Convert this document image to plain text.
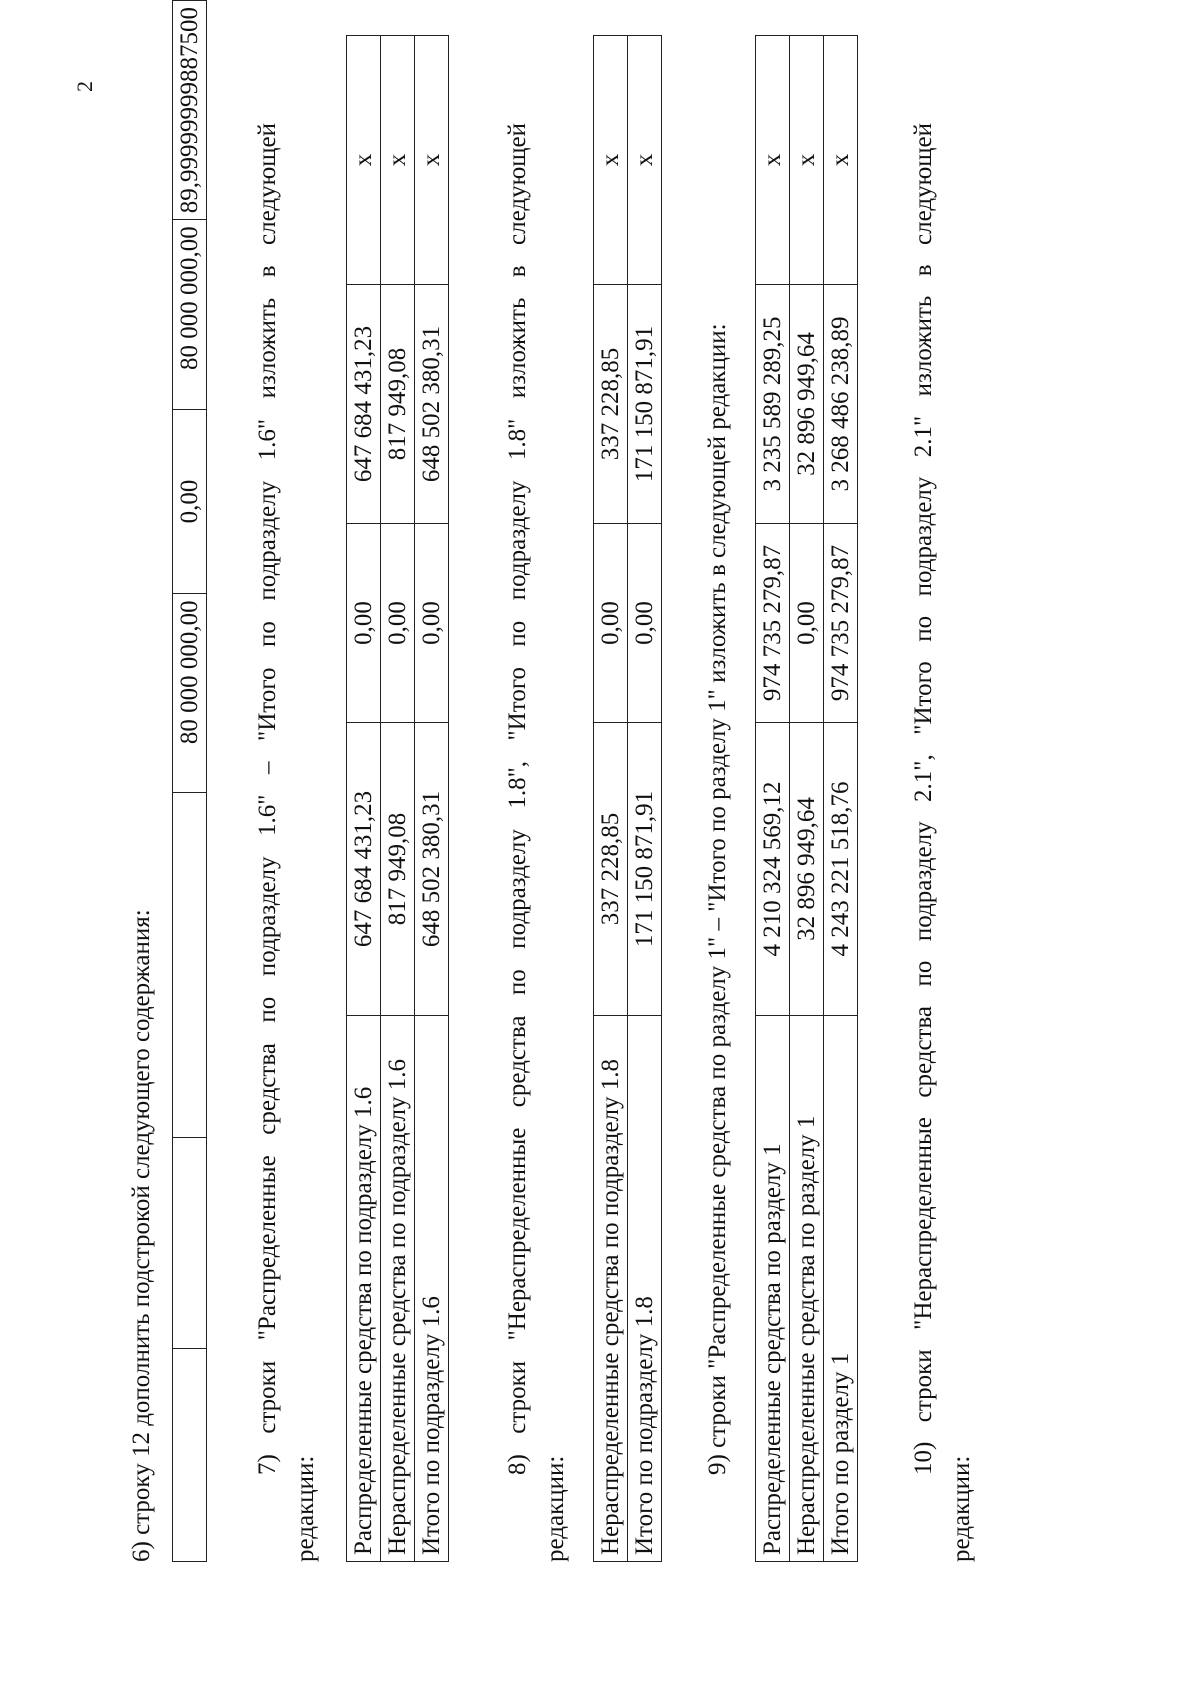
2
6) строку 12 дополнить подстрокой следующего содержания:
			80 000 000,00	0,00	80 000 000,00	89,99999999887500
7) строки "Распределенные средства по подразделу 1.6" – "Итого по подразделу 1.6" изложить в следующей
редакции: Распределенные средства по подразделу 1.6	647 684 431,23	0,00	647 684 431,23	x
Нераспределенные средства по подразделу 1.6	817 949,08	0,00	817 949,08	x
Итого по подразделу 1.6	648 502 380,31	0,00	648 502 380,31	x 8) строки "Нераспределенные средства по подразделу 1.8", "Итого по подразделу 1.8" изложить в следующей
редакции: Нераспределенные средства по подразделу 1.8	337 228,85	0,00	337 228,85	x
Итого по подразделу 1.8	171 150 871,91	0,00	171 150 871,91	x
9) строки "Распределенные средства по разделу 1" – "Итого по разделу 1" изложить в следующей редакции: Распределенные средства по разделу 1	4 210 324 569,12	974 735 279,87	3 235 589 289,25	x
Нераспределенные средства по разделу 1	32 896 949,64	0,00	32 896 949,64	x
Итого по разделу 1	4 243 221 518,76	974 735 279,87	3 268 486 238,89	x 10) строки "Нераспределенные средства по подразделу 2.1", "Итого по подразделу 2.1" изложить в следующей
редакции:
